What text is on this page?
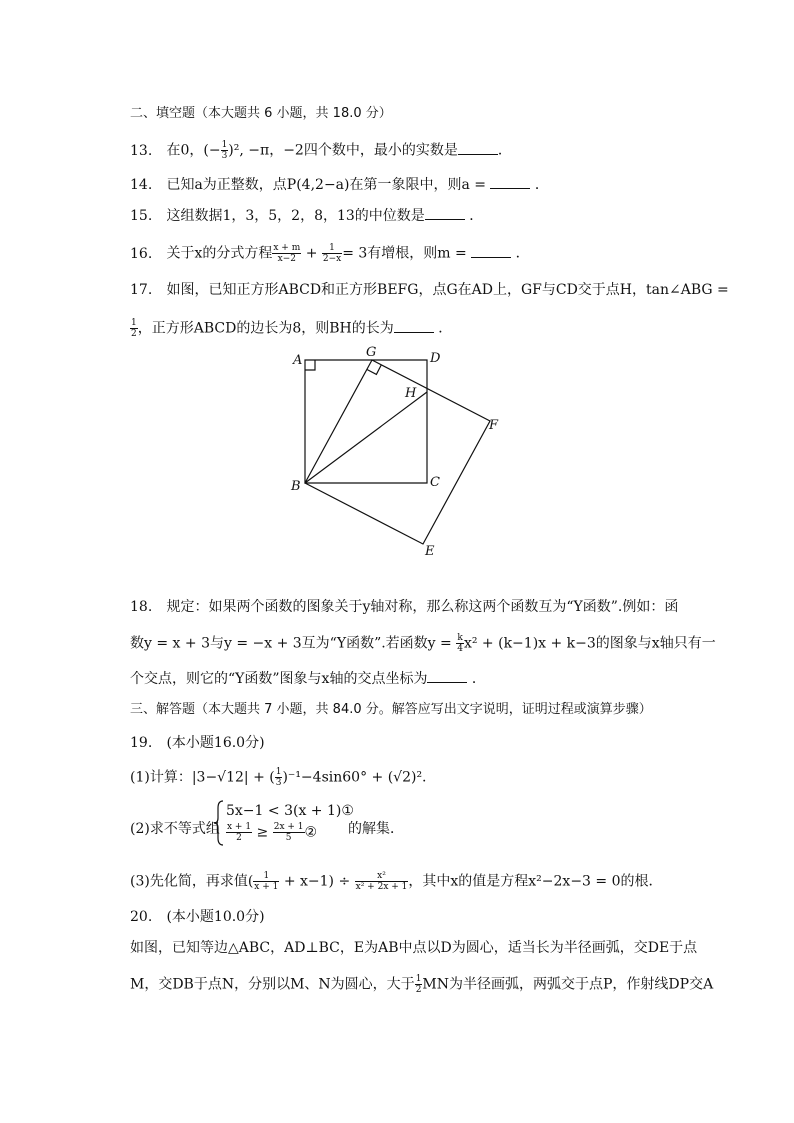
二、填空题（本大题共 6 小题，共 18.0 分）
13. 在0，(− $\frac{1}{3} )^2$, −π，−2四个数中，最小的实数是	．
14. 已知a为正整数，点P(4,2−a)在第一象限中，则a =	．
15. 这组数据1，3，5，2，8，13的中位数是	．
16. 关于x的分式方程 $\frac{x + m}{x-2} + \frac{1}{2-x} = 3$有增根，则m =	．
17. 如图，已知正方形ABCD和正方形BEFG，点G在AD上，GF与CD交于点H，tan∠ABG =
$\frac{1}{2}$ ，正方形ABCD的边长为8，则BH的长为	．
A
G	D
H
F
B	C
E
18. 规定：如果两个函数的图象关于y轴对称，那么称这两个函数互为“Y函数”.例如：函
数y = x + 3与y = −x + 3互为“Y函数”.若函数$y = \frac{k}{4} x^2 + (k-1)x + k-3$的图象与x轴只有一
个交点，则它的“Y函数”图象与x轴的交点坐标为	．
三、解答题（本大题共 7 小题，共 84.0 分。解答应写出文字说明，证明过程或演算步骤）
19. (本小题16.0分)
(1)计算：|3−√12| + ( $\frac{1}{3} )^{-1}-4\sin 60^\circ + (√2)^2$.
(2)求不等式组
5x−1 < 3(x + 1)①
$\frac{x + 1}{2} \ge \frac{2x + 1}{5}$ ② 的解集．
(3)先化简，再求值( $\frac{1}{x + 1} + x-1) \div \frac{\text{x²}}{\text{x² + 2x + 1}}$ ，其中x的值是方程x²−2x−3 = 0的根．
20. (本小题10.0分)
如图，已知等边△ABC，AD⊥BC，E为AB中点以D为圆心，适当长为半径画弧，交DE于点
M，交DB于点N，分别以M、N为圆心，大于 $\frac{1}{2}$ MN为半径画弧，两弧交于点P，作射线DP交A
